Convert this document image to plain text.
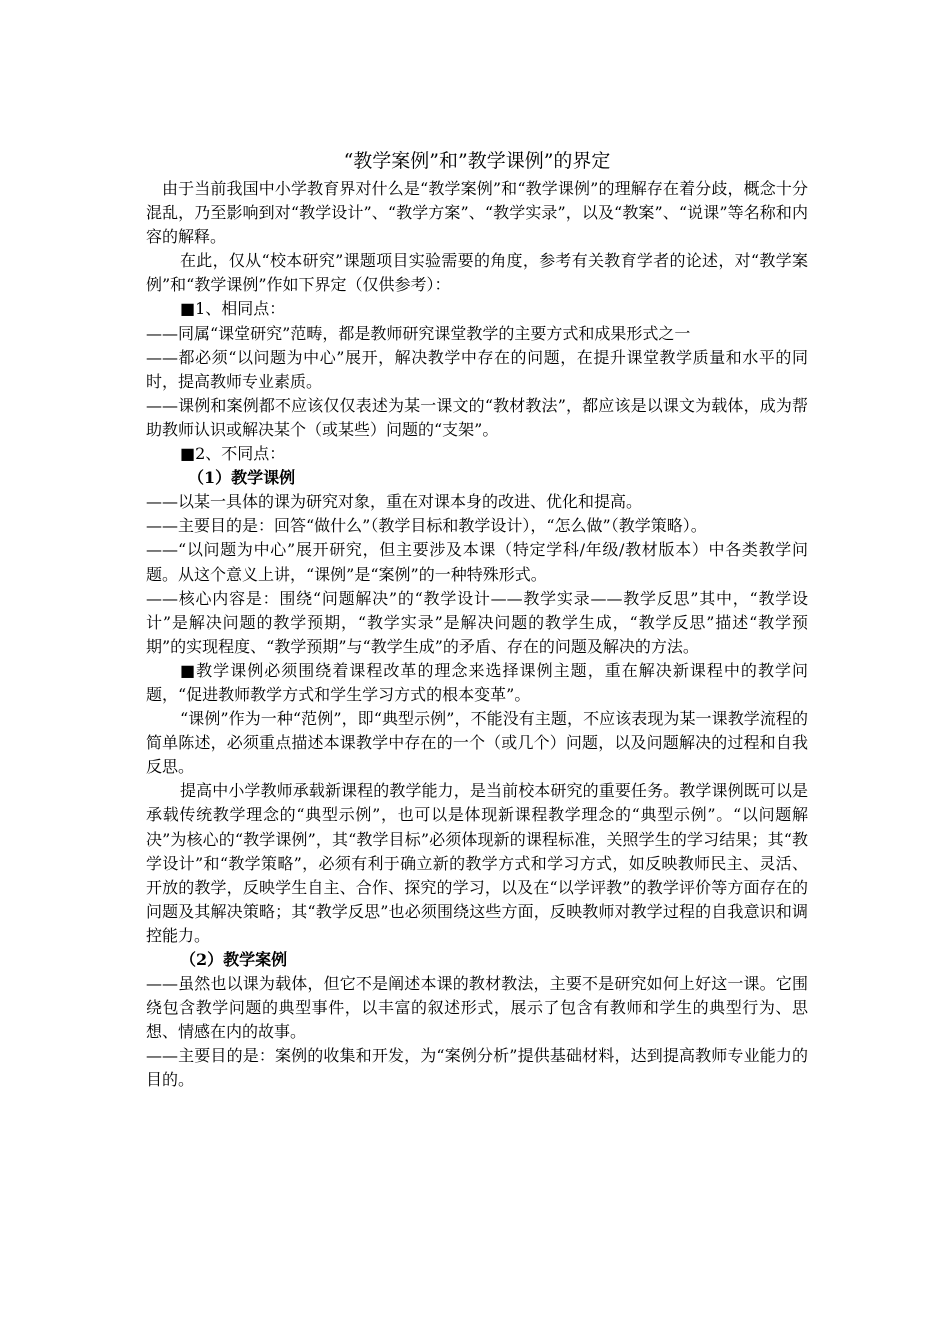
“教学案例”和”教学课例”的界定

由于当前我国中小学教育界对什么是“教学案例”和“教学课例”的理解存在着分歧，概念十分混乱，乃至影响到对“教学设计”、“教学方案”、“教学实录”，以及“教案”、“说课”等名称和内容的解释。

在此，仅从“校本研究”课题项目实验需要的角度，参考有关教育学者的论述，对“教学案例”和“教学课例”作如下界定（仅供参考）：

■1、相同点：

——同属“课堂研究”范畴，都是教师研究课堂教学的主要方式和成果形式之一

——都必须“以问题为中心”展开，解决教学中存在的问题，在提升课堂教学质量和水平的同时，提高教师专业素质。

——课例和案例都不应该仅仅表述为某一课文的“教材教法”，都应该是以课文为载体，成为帮助教师认识或解决某个（或某些）问题的“支架”。

■2、不同点：

（1）教学课例

——以某一具体的课为研究对象，重在对课本身的改进、优化和提高。

——主要目的是：回答“做什么”（教学目标和教学设计），“怎么做”（教学策略）。

——“以问题为中心”展开研究，但主要涉及本课（特定学科/年级/教材版本）中各类教学问题。从这个意义上讲，“课例”是“案例”的一种特殊形式。

——核心内容是：围绕“问题解决”的“教学设计——教学实录——教学反思”其中，“教学设计”是解决问题的教学预期，“教学实录”是解决问题的教学生成，“教学反思”描述“教学预期”的实现程度、“教学预期”与“教学生成”的矛盾、存在的问题及解决的方法。

■教学课例必须围绕着课程改革的理念来选择课例主题，重在解决新课程中的教学问题，“促进教师教学方式和学生学习方式的根本变革”。

“课例”作为一种“范例”，即“典型示例”，不能没有主题，不应该表现为某一课教学流程的简单陈述，必须重点描述本课教学中存在的一个（或几个）问题，以及问题解决的过程和自我反思。

提高中小学教师承载新课程的教学能力，是当前校本研究的重要任务。教学课例既可以是承载传统教学理念的“典型示例”，也可以是体现新课程教学理念的“典型示例”。“以问题解决”为核心的“教学课例”，其“教学目标”必须体现新的课程标准，关照学生的学习结果；其“教学设计”和“教学策略”，必须有利于确立新的教学方式和学习方式，如反映教师民主、灵活、开放的教学，反映学生自主、合作、探究的学习，以及在“以学评教”的教学评价等方面存在的问题及其解决策略；其“教学反思”也必须围绕这些方面，反映教师对教学过程的自我意识和调控能力。

（2）教学案例

——虽然也以课为载体，但它不是阐述本课的教材教法，主要不是研究如何上好这一课。它围绕包含教学问题的典型事件，以丰富的叙述形式，展示了包含有教师和学生的典型行为、思想、情感在内的故事。

——主要目的是：案例的收集和开发，为“案例分析”提供基础材料，达到提高教师专业能力的目的。
